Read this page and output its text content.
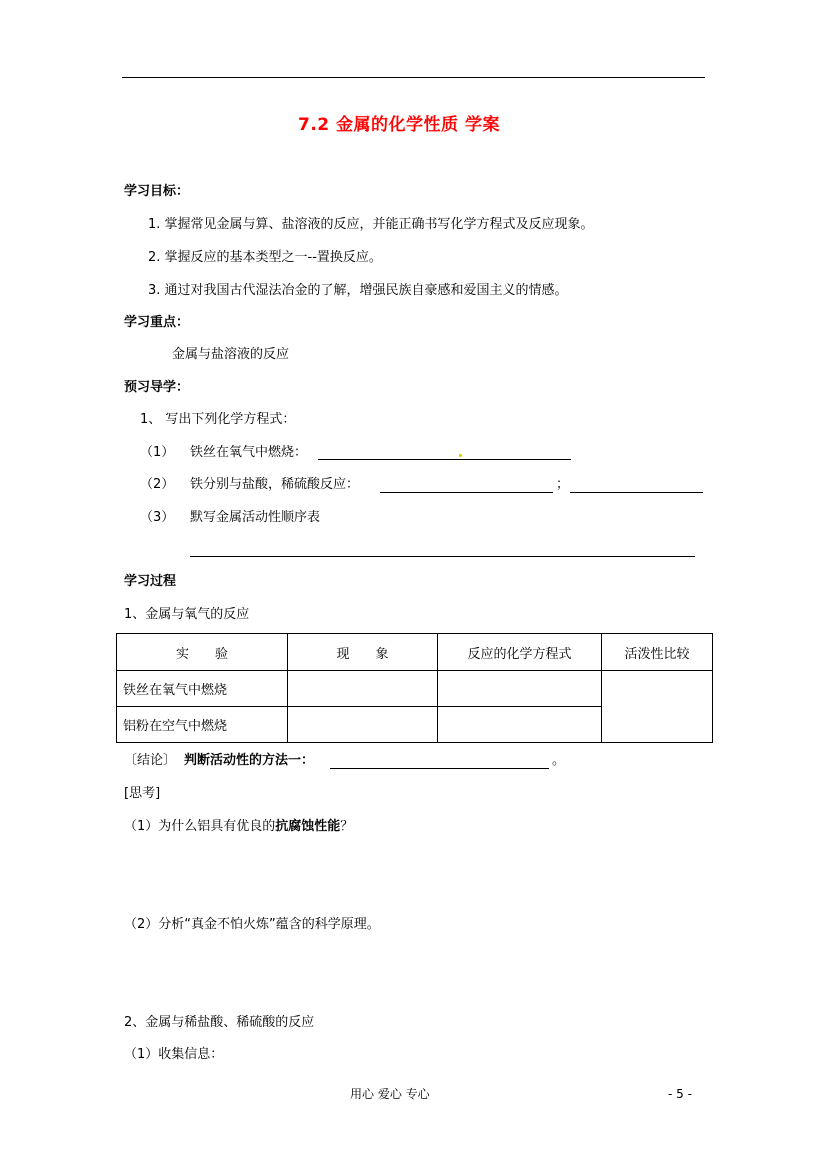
7.2 金属的化学性质 学案
学习目标：
1. 掌握常见金属与算、盐溶液的反应，并能正确书写化学方程式及反应现象。
2. 掌握反应的基本类型之一--置换反应。
3. 通过对我国古代湿法冶金的了解，增强民族自豪感和爱国主义的情感。
学习重点：
金属与盐溶液的反应
预习导学：
1、 写出下列化学方程式：
（1） 铁丝在氧气中燃烧：
（2） 铁分别与盐酸，稀硫酸反应：	；
（3） 默写金属活动性顺序表
学习过程
1、金属与氧气的反应
实　　验	现　　象	反应的化学方程式	活泼性比较
铁丝在氧气中燃烧			
铝粉在空气中燃烧			
〔结论〕 判断活动性的方法一：	。
[思考]
（1）为什么铝具有优良的抗腐蚀性能？
（2）分析“真金不怕火炼”蕴含的科学原理。
2、金属与稀盐酸、稀硫酸的反应
（1）收集信息：
用心 爱心 专心	- 5 -
